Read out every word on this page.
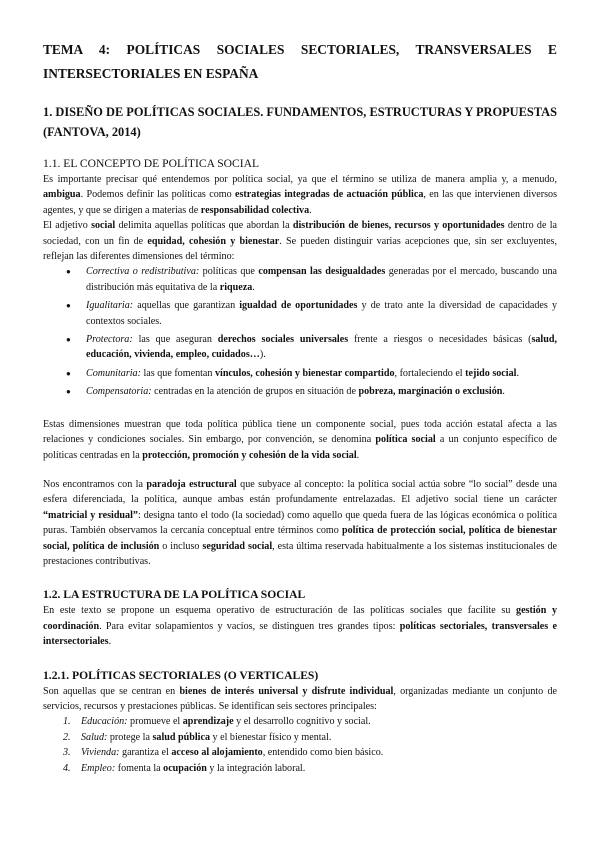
TEMA 4: POLÍTICAS SOCIALES SECTORIALES, TRANSVERSALES E INTERSECTORIALES EN ESPAÑA
1. DISEÑO DE POLÍTICAS SOCIALES. FUNDAMENTOS, ESTRUCTURAS Y PROPUESTAS (FANTOVA, 2014)
1.1. EL CONCEPTO DE POLÍTICA SOCIAL

Es importante precisar qué entendemos por política social, ya que el término se utiliza de manera amplia y, a menudo, ambigua. Podemos definir las políticas como estrategias integradas de actuación pública, en las que intervienen diversos agentes, y que se dirigen a materias de responsabilidad colectiva.

El adjetivo social delimita aquellas políticas que abordan la distribución de bienes, recursos y oportunidades dentro de la sociedad, con un fin de equidad, cohesión y bienestar. Se pueden distinguir varias acepciones que, sin ser excluyentes, reflejan las diferentes dimensiones del término:

● Correctiva o redistributiva: políticas que compensan las desigualdades generadas por el mercado, buscando una distribución más equitativa de la riqueza.
● Igualitaria: aquellas que garantizan igualdad de oportunidades y de trato ante la diversidad de capacidades y contextos sociales.
● Protectora: las que aseguran derechos sociales universales frente a riesgos o necesidades básicas (salud, educación, vivienda, empleo, cuidados…).
● Comunitaria: las que fomentan vínculos, cohesión y bienestar compartido, fortaleciendo el tejido social.
● Compensatoria: centradas en la atención de grupos en situación de pobreza, marginación o exclusión.

Estas dimensiones muestran que toda política pública tiene un componente social, pues toda acción estatal afecta a las relaciones y condiciones sociales. Sin embargo, por convención, se denomina política social a un conjunto específico de políticas centradas en la protección, promoción y cohesión de la vida social.

Nos encontramos con la paradoja estructural que subyace al concepto: la política social actúa sobre “lo social” desde una esfera diferenciada, la política, aunque ambas están profundamente entrelazadas. El adjetivo social tiene un carácter “matricial y residual”: designa tanto el todo (la sociedad) como aquello que queda fuera de las lógicas económica o política puras. También observamos la cercanía conceptual entre términos como política de protección social, política de bienestar social, política de inclusión o incluso seguridad social, esta última reservada habitualmente a los sistemas institucionales de prestaciones contributivas.

1.2. LA ESTRUCTURA DE LA POLÍTICA SOCIAL

En este texto se propone un esquema operativo de estructuración de las políticas sociales que facilite su gestión y coordinación. Para evitar solapamientos y vacíos, se distinguen tres grandes tipos: políticas sectoriales, transversales e intersectoriales.

1.2.1. POLÍTICAS SECTORIALES (O VERTICALES)

Son aquellas que se centran en bienes de interés universal y disfrute individual, organizadas mediante un conjunto de servicios, recursos y prestaciones públicas. Se identifican seis sectores principales:

1. Educación: promueve el aprendizaje y el desarrollo cognitivo y social.
2. Salud: protege la salud pública y el bienestar físico y mental.
3. Vivienda: garantiza el acceso al alojamiento, entendido como bien básico.
4. Empleo: fomenta la ocupación y la integración laboral.
